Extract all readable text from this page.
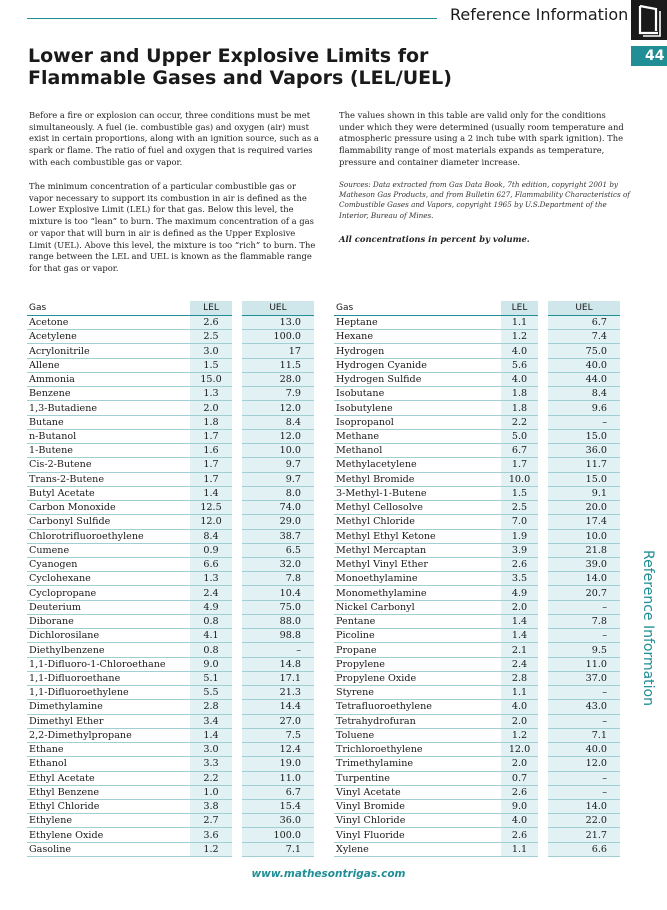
Reference Information
44
Lower and Upper Explosive Limits for
Flammable Gases and Vapors (LEL/UEL)

Before a fire or explosion can occur, three conditions must be met simultaneously. A fuel (ie. combustible gas) and oxygen (air) must exist in certain proportions, along with an ignition source, such as a spark or flame. The ratio of fuel and oxygen that is required varies with each combustible gas or vapor.

The minimum concentration of a particular combustible gas or vapor necessary to support its combustion in air is defined as the Lower Explosive Limit (LEL) for that gas. Below this level, the mixture is too “lean” to burn. The maximum concentration of a gas or vapor that will burn in air is defined as the Upper Explosive Limit (UEL). Above this level, the mixture is too “rich” to burn. The range between the LEL and UEL is known as the flammable range for that gas or vapor.

The values shown in this table are valid only for the conditions under which they were determined (usually room temperature and atmospheric pressure using a 2 inch tube with spark ignition). The flammability range of most materials expands as temperature, pressure and container diameter increase.

Sources: Data extracted from Gas Data Book, 7th edition, copyright 2001 by Matheson Gas Products, and from Bulletin 627, Flammability Characteristics of Combustible Gases and Vapors, copyright 1965 by U.S.Department of the Interior, Bureau of Mines.

All concentrations in percent by volume.

Gas	LEL	UEL
Acetone	2.6	13.0
Acetylene	2.5	100.0
Acrylonitrile	3.0	17
Allene	1.5	11.5
Ammonia	15.0	28.0
Benzene	1.3	7.9
1,3-Butadiene	2.0	12.0
Butane	1.8	8.4
n-Butanol	1.7	12.0
1-Butene	1.6	10.0
Cis-2-Butene	1.7	9.7
Trans-2-Butene	1.7	9.7
Butyl Acetate	1.4	8.0
Carbon Monoxide	12.5	74.0
Carbonyl Sulfide	12.0	29.0
Chlorotrifluoroethylene	8.4	38.7
Cumene	0.9	6.5
Cyanogen	6.6	32.0
Cyclohexane	1.3	7.8
Cyclopropane	2.4	10.4
Deuterium	4.9	75.0
Diborane	0.8	88.0
Dichlorosilane	4.1	98.8
Diethylbenzene	0.8	–
1,1-Difluoro-1-Chloroethane	9.0	14.8
1,1-Difluoroethane	5.1	17.1
1,1-Difluoroethylene	5.5	21.3
Dimethylamine	2.8	14.4
Dimethyl Ether	3.4	27.0
2,2-Dimethylpropane	1.4	7.5
Ethane	3.0	12.4
Ethanol	3.3	19.0
Ethyl Acetate	2.2	11.0
Ethyl Benzene	1.0	6.7
Ethyl Chloride	3.8	15.4
Ethylene	2.7	36.0
Ethylene Oxide	3.6	100.0
Gasoline	1.2	7.1
Gas	LEL	UEL
Heptane	1.1	6.7
Hexane	1.2	7.4
Hydrogen	4.0	75.0
Hydrogen Cyanide	5.6	40.0
Hydrogen Sulfide	4.0	44.0
Isobutane	1.8	8.4
Isobutylene	1.8	9.6
Isopropanol	2.2	–
Methane	5.0	15.0
Methanol	6.7	36.0
Methylacetylene	1.7	11.7
Methyl Bromide	10.0	15.0
3-Methyl-1-Butene	1.5	9.1
Methyl Cellosolve	2.5	20.0
Methyl Chloride	7.0	17.4
Methyl Ethyl Ketone	1.9	10.0
Methyl Mercaptan	3.9	21.8
Methyl Vinyl Ether	2.6	39.0
Monoethylamine	3.5	14.0
Monomethylamine	4.9	20.7
Nickel Carbonyl	2.0	–
Pentane	1.4	7.8
Picoline	1.4	–
Propane	2.1	9.5
Propylene	2.4	11.0
Propylene Oxide	2.8	37.0
Styrene	1.1	–
Tetrafluoroethylene	4.0	43.0
Tetrahydrofuran	2.0	–
Toluene	1.2	7.1
Trichloroethylene	12.0	40.0
Trimethylamine	2.0	12.0
Turpentine	0.7	–
Vinyl Acetate	2.6	–
Vinyl Bromide	9.0	14.0
Vinyl Chloride	4.0	22.0
Vinyl Fluoride	2.6	21.7
Xylene	1.1	6.6
Reference Information
www.mathesontrigas.com
